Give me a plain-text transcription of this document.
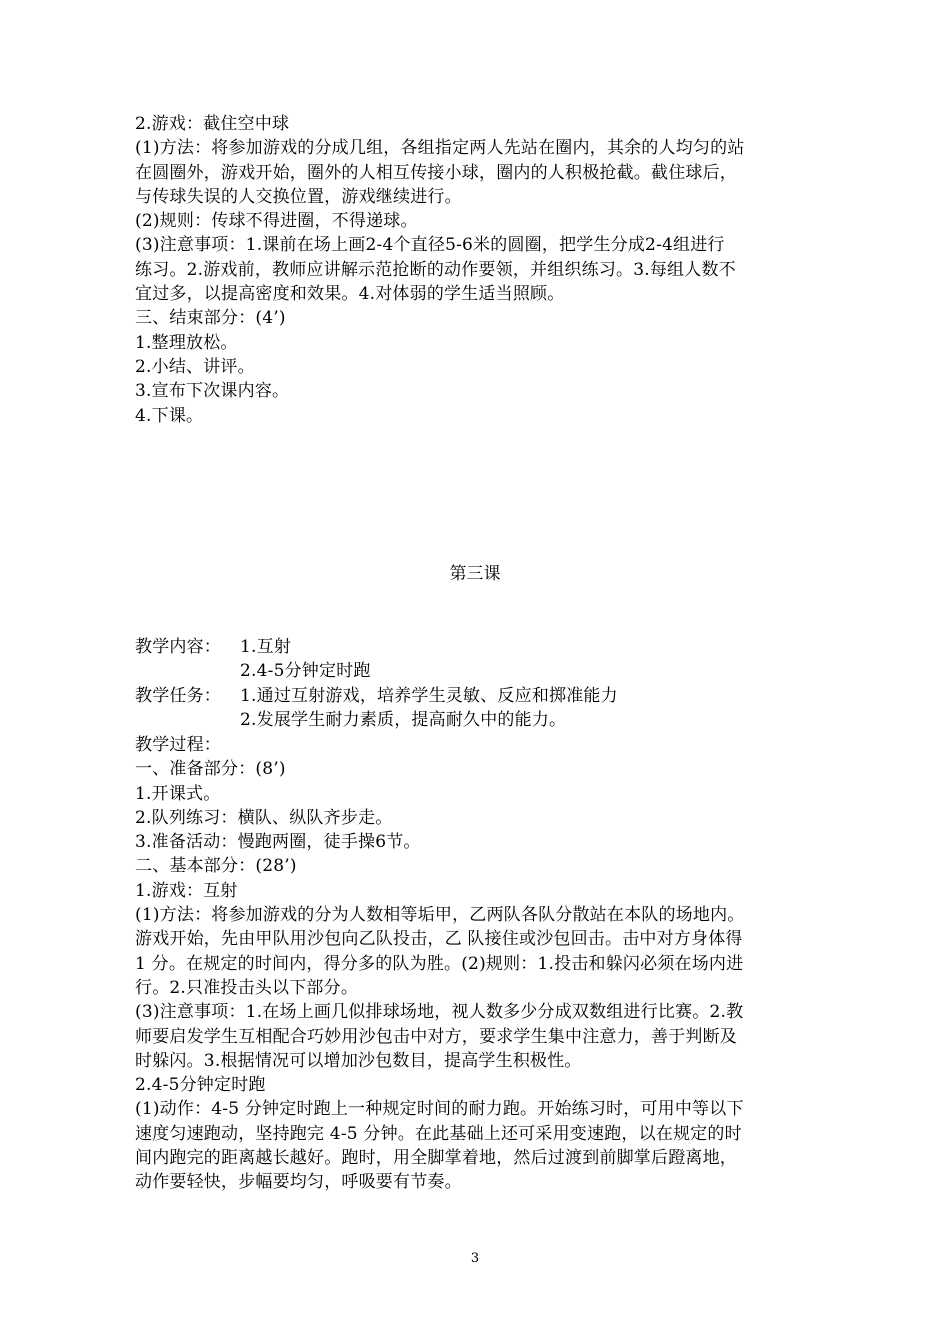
2.游戏：截住空中球
(1)方法：将参加游戏的分成几组，各组指定两人先站在圈内，其余的人均匀的站
在圆圈外，游戏开始，圈外的人相互传接小球，圈内的人积极抢截。截住球后，
与传球失误的人交换位置，游戏继续进行。
(2)规则：传球不得进圈，不得递球。
(3)注意事项：1.课前在场上画2-4个直径5-6米的圆圈，把学生分成2-4组进行
练习。2.游戏前，教师应讲解示范抢断的动作要领，并组织练习。3.每组人数不
宜过多，以提高密度和效果。4.对体弱的学生适当照顾。
三、结束部分：(4’)
1.整理放松。
2.小结、讲评。
3.宣布下次课内容。
4.下课。
第三课
教学内容：	1.互射
2.4-5分钟定时跑
教学任务：	1.通过互射游戏，培养学生灵敏、反应和掷准能力
2.发展学生耐力素质，提高耐久中的能力。
教学过程：
一、准备部分：(8’)
1.开课式。
2.队列练习：横队、纵队齐步走。
3.准备活动：慢跑两圈，徒手操6节。
二、基本部分：(28’)
1.游戏：互射
(1)方法：将参加游戏的分为人数相等垢甲，乙两队各队分散站在本队的场地内。
游戏开始，先由甲队用沙包向乙队投击，乙 队接住或沙包回击。击中对方身体得
1 分。在规定的时间内，得分多的队为胜。(2)规则：1.投击和躲闪必须在场内进
行。2.只准投击头以下部分。
(3)注意事项：1.在场上画几似排球场地，视人数多少分成双数组进行比赛。2.教
师要启发学生互相配合巧妙用沙包击中对方，要求学生集中注意力，善于判断及
时躲闪。3.根据情况可以增加沙包数目，提高学生积极性。
2.4-5分钟定时跑
(1)动作：4-5 分钟定时跑上一种规定时间的耐力跑。开始练习时，可用中等以下
速度匀速跑动，坚持跑完 4-5 分钟。在此基础上还可采用变速跑，以在规定的时
间内跑完的距离越长越好。跑时，用全脚掌着地，然后过渡到前脚掌后蹬离地，
动作要轻快，步幅要均匀，呼吸要有节奏。
3
